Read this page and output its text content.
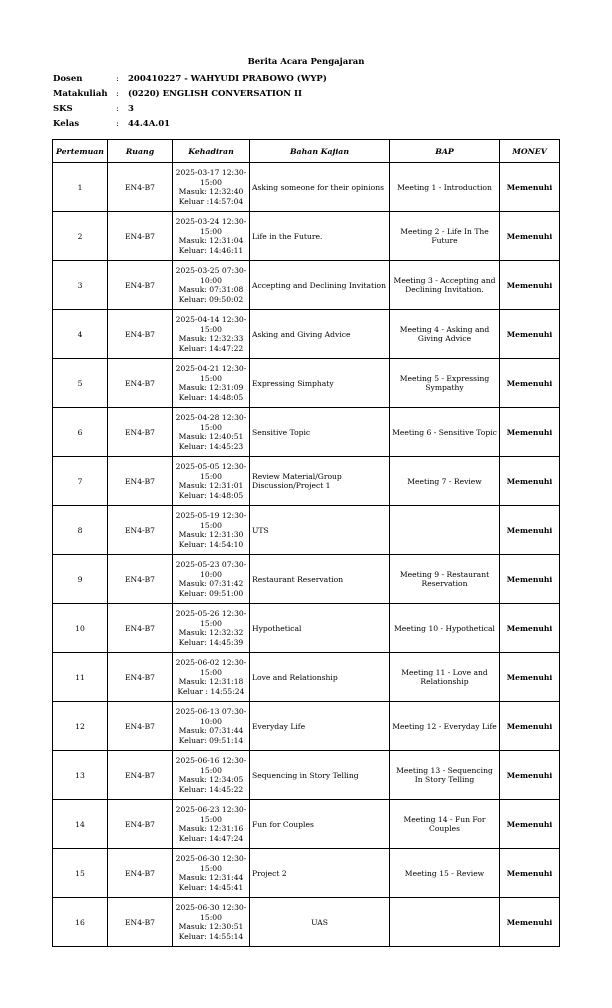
Berita Acara Pengajaran
Dosen	:	200410227 - WAHYUDI PRABOWO (WYP)
Matakuliah :	(0220) ENGLISH CONVERSATION II
SKS	:	3
Kelas	:	44.4A.01
Pertemuan	Ruang	Kehadiran	Bahan Kajian	BAP	MONEV
1	EN4-B7	2025-03-17 12:30-15:00
Masuk: 12:32:40
Keluar :14:57:04	Asking someone for their opinions	Meeting 1 - Introduction	Memenuhi
2	EN4-B7	2025-03-24 12:30-15:00
Masuk: 12:31:04
Keluar: 14:46:11	Life in the Future.	Meeting 2 - Life In The Future	Memenuhi
3	EN4-B7	2025-03-25 07:30-10:00
Masuk: 07:31:08
Keluar: 09:50:02	Accepting and Declining Invitation	Meeting 3 - Accepting and Declining Invitation.	Memenuhi
4	EN4-B7	2025-04-14 12:30-15:00
Masuk: 12:32:33
Keluar: 14:47:22	Asking and Giving Advice	Meeting 4 - Asking and Giving Advice	Memenuhi
5	EN4-B7	2025-04-21 12:30-15:00
Masuk: 12:31:09
Keluar: 14:48:05	Expressing Simphaty	Meeting 5 - Expressing Sympathy	Memenuhi
6	EN4-B7	2025-04-28 12:30-15:00
Masuk: 12:40:51
Keluar: 14:45:23	Sensitive Topic	Meeting 6 - Sensitive Topic	Memenuhi
7	EN4-B7	2025-05-05 12:30-15:00
Masuk: 12:31:01
Keluar: 14:48:05	Review Material/Group Discussion/Project 1	Meeting 7 - Review	Memenuhi
8	EN4-B7	2025-05-19 12:30-15:00
Masuk: 12:31:30
Keluar: 14:54:10	UTS		Memenuhi
9	EN4-B7	2025-05-23 07:30-10:00
Masuk: 07:31:42
Keluar: 09:51:00	Restaurant Reservation	Meeting 9 - Restaurant Reservation	Memenuhi
10	EN4-B7	2025-05-26 12:30-15:00
Masuk: 12:32:32
Keluar: 14:45:39	Hypothetical	Meeting 10 - Hypothetical	Memenuhi
11	EN4-B7	2025-06-02 12:30-15:00
Masuk: 12:31:18
Keluar : 14:55:24	Love and Relationship	Meeting 11 - Love and Relationship	Memenuhi
12	EN4-B7	2025-06-13 07:30-10:00
Masuk: 07:31:44
Keluar: 09:51:14	Everyday Life	Meeting 12 - Everyday Life	Memenuhi
13	EN4-B7	2025-06-16 12:30-15:00
Masuk: 12:34:05
Keluar: 14:45:22	Sequencing in Story Telling	Meeting 13 - Sequencing In Story Telling	Memenuhi
14	EN4-B7	2025-06-23 12:30-15:00
Masuk: 12:31:16
Keluar: 14:47:24	Fun for Couples	Meeting 14 - Fun For Couples	Memenuhi
15	EN4-B7	2025-06-30 12:30-15:00
Masuk: 12:31:44
Keluar: 14:45:41	Project 2	Meeting 15 - Review	Memenuhi
16	EN4-B7	2025-06-30 12:30-15:00
Masuk: 12:30:51
Keluar: 14:55:14	UAS		Memenuhi
